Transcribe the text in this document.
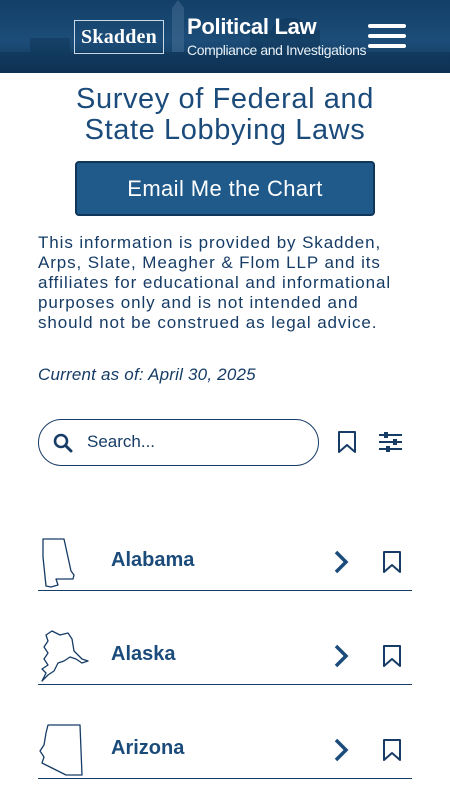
Skadden	Political Law
Compliance and Investigations
Survey of Federal and
State Lobbying Laws
Email Me the Chart
This information is provided by Skadden, Arps, Slate, Meagher & Flom LLP and its affiliates for educational and informational purposes only and is not intended and should not be construed as legal advice.
Current as of: April 30, 2025
Search...
Alabama
Alaska
Arizona
